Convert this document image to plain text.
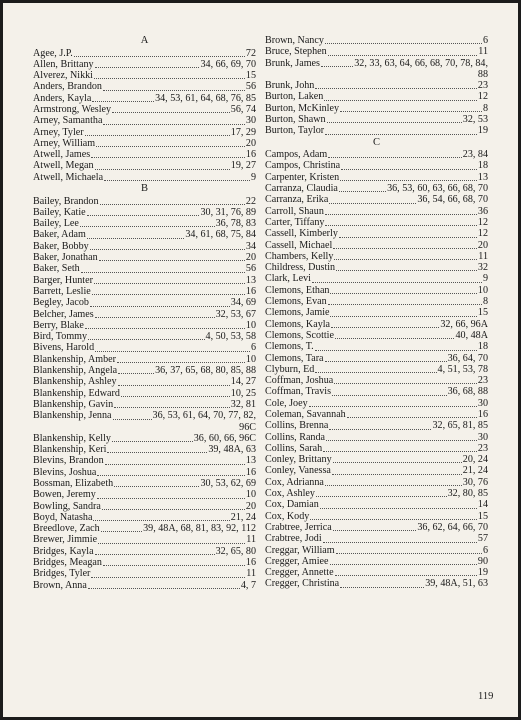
A
Agee, J.P.	72
Allen, Brittany	34, 66, 69, 70
Alverez, Nikki	15
Anders, Brandon	56
Anders, Kayla	34, 53, 61, 64, 68, 76, 85
Armstrong, Wesley	56, 74
Arney, Samantha	30
Arney, Tyler	17, 29
Arney, William	20
Atwell, James	16
Atwell, Megan	19, 27
Atwell, Michaela	9
B
Bailey, Brandon	22
Bailey, Katie	30, 31, 76, 89
Bailey, Lee	36, 78, 83
Baker, Adam	34, 61, 68, 75, 84
Baker, Bobby	34
Baker, Jonathan	20
Baker, Seth	56
Barger, Hunter	13
Barrett, Leslie	16
Begley, Jacob	34, 69
Belcher, James	32, 53, 67
Berry, Blake	10
Bird, Tommy	4, 50, 53, 58
Bivens, Harold	6
Blankenship, Amber	10
Blankenship, Angela	36, 37, 65, 68, 80, 85, 88
Blankenship, Ashley	14, 27
Blankenship, Edward	10, 25
Blankenship, Gavin	32, 81
Blankenship, Jenna	36, 53, 61, 64, 70, 77, 82,
96C
Blankenship, Kelly	36, 60, 66, 96C
Blankenship, Keri	39, 48A, 63
Blevins, Brandon	13
Blevins, Joshua	16
Bossman, Elizabeth	30, 53, 62, 69
Bowen, Jeremy	10
Bowling, Sandra	20
Boyd, Natasha	21, 24
Breedlove, Zach	39, 48A, 68, 81, 83, 92, 112
Brewer, Jimmie	11
Bridges, Kayla	32, 65, 80
Bridges, Meagan	16
Bridges, Tyler	11
Brown, Anna	4, 7
Brown, Nancy	6
Bruce, Stephen	11
Brunk, James	32, 33, 63, 64, 66, 68, 70, 78, 84,
88
Brunk, John	23
Burton, Laken	12
Burton, McKinley	8
Burton, Shawn	32, 53
Burton, Taylor	19
C
Campos, Adam	23, 84
Campos, Christina	18
Carpenter, Kristen	13
Carranza, Claudia	36, 53, 60, 63, 66, 68, 70
Carranza, Erika	36, 54, 66, 68, 70
Carroll, Shaun	36
Carter, Tiffany	12
Cassell, Kimberly	12
Cassell, Michael	20
Chambers, Kelly	11
Childress, Dustin	32
Clark, Levi	9
Clemons, Ethan	10
Clemons, Evan	8
Clemons, Jamie	15
Clemons, Kayla	32, 66, 96A
Clemons, Scottie	40, 48A
Clemons, T.	18
Clemons, Tara	36, 64, 70
Clyburn, Ed	4, 51, 53, 78
Coffman, Joshua	23
Coffman, Travis	36, 68, 88
Cole, Joey	30
Coleman, Savannah	16
Collins, Brenna	32, 65, 81, 85
Collins, Randa	30
Collins, Sarah	23
Conley, Brittany	20, 24
Conley, Vanessa	21, 24
Cox, Adrianna	30, 76
Cox, Ashley	32, 80, 85
Cox, Damian	14
Cox, Kody	15
Crabtree, Jerrica	36, 62, 64, 66, 70
Crabtree, Jodi	57
Creggar, William	6
Cregger, Amiee	90
Cregger, Annette	19
Cregger, Christina	39, 48A, 51, 63
119
